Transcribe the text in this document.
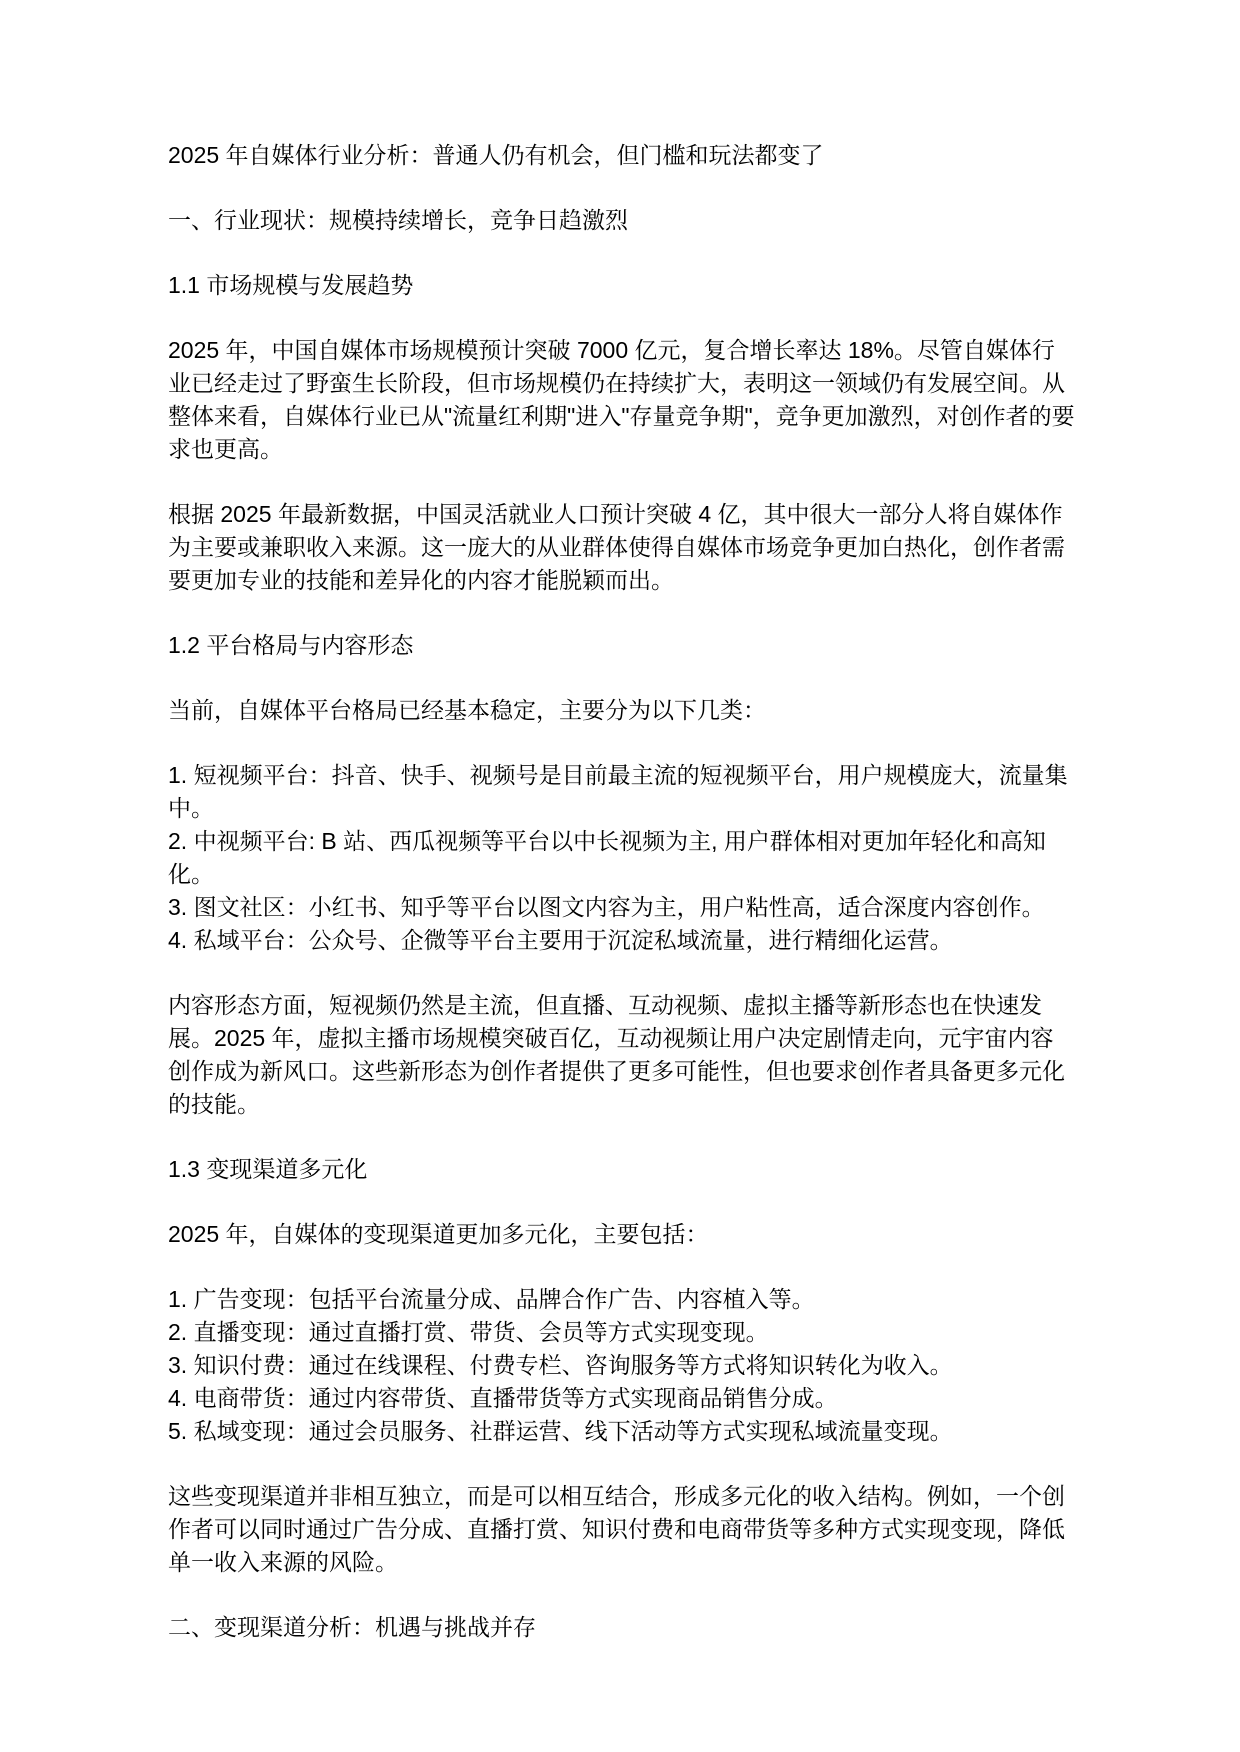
2025 年自媒体行业分析：普通人仍有机会，但门槛和玩法都变了
一、行业现状：规模持续增长，竞争日趋激烈
1.1 市场规模与发展趋势
2025 年，中国自媒体市场规模预计突破 7000 亿元，复合增长率达 18%。尽管自媒体行业已经走过了野蛮生长阶段，但市场规模仍在持续扩大，表明这一领域仍有发展空间。从整体来看，自媒体行业已从"流量红利期"进入"存量竞争期"，竞争更加激烈，对创作者的要求也更高。
根据 2025 年最新数据，中国灵活就业人口预计突破 4 亿，其中很大一部分人将自媒体作为主要或兼职收入来源。这一庞大的从业群体使得自媒体市场竞争更加白热化，创作者需要更加专业的技能和差异化的内容才能脱颖而出。
1.2 平台格局与内容形态
当前，自媒体平台格局已经基本稳定，主要分为以下几类：
1. 短视频平台：抖音、快手、视频号是目前最主流的短视频平台，用户规模庞大，流量集中。
2. 中视频平台: B 站、西瓜视频等平台以中长视频为主, 用户群体相对更加年轻化和高知化。
3. 图文社区：小红书、知乎等平台以图文内容为主，用户粘性高，适合深度内容创作。
4. 私域平台：公众号、企微等平台主要用于沉淀私域流量，进行精细化运营。
内容形态方面，短视频仍然是主流，但直播、互动视频、虚拟主播等新形态也在快速发展。2025 年，虚拟主播市场规模突破百亿，互动视频让用户决定剧情走向，元宇宙内容创作成为新风口。这些新形态为创作者提供了更多可能性，但也要求创作者具备更多元化的技能。
1.3 变现渠道多元化
2025 年，自媒体的变现渠道更加多元化，主要包括：
1. 广告变现：包括平台流量分成、品牌合作广告、内容植入等。
2. 直播变现：通过直播打赏、带货、会员等方式实现变现。
3. 知识付费：通过在线课程、付费专栏、咨询服务等方式将知识转化为收入。
4. 电商带货：通过内容带货、直播带货等方式实现商品销售分成。
5. 私域变现：通过会员服务、社群运营、线下活动等方式实现私域流量变现。
这些变现渠道并非相互独立，而是可以相互结合，形成多元化的收入结构。例如，一个创作者可以同时通过广告分成、直播打赏、知识付费和电商带货等多种方式实现变现，降低单一收入来源的风险。
二、变现渠道分析：机遇与挑战并存
